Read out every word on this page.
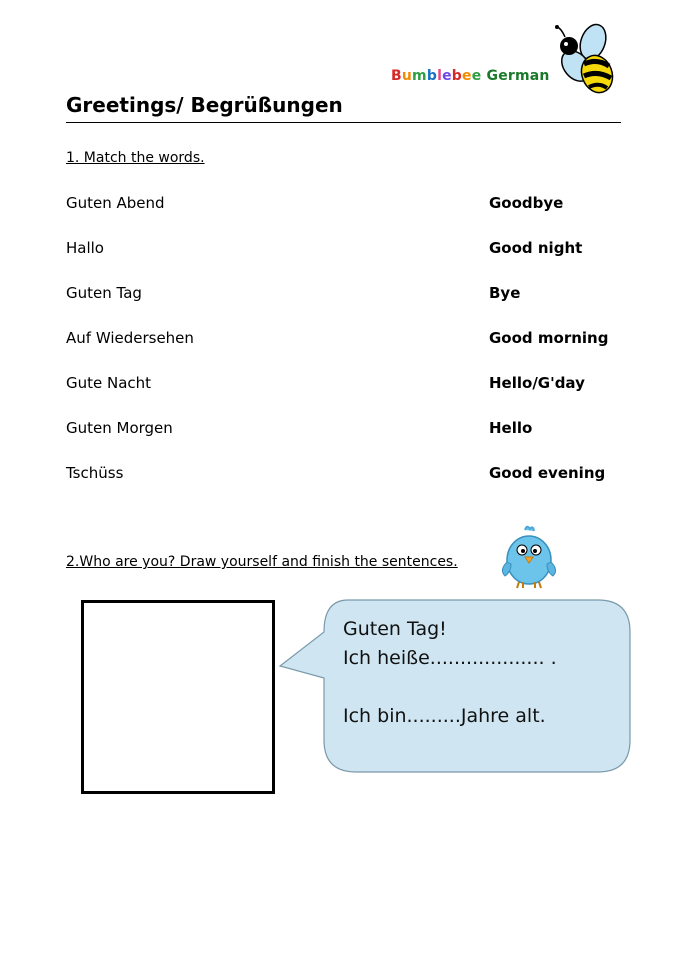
Bumblebee German
Greetings/ Begrüßungen
1. Match the words.
Guten Abend
Hallo
Guten Tag
Auf Wiedersehen
Gute Nacht
Guten Morgen
Tschüss
Goodbye
Good night
Bye
Good morning
Hello/G'day
Hello
Good evening
2.Who are you? Draw yourself and finish the sentences.
Guten Tag!
Ich heiße................... .
Ich bin.........Jahre alt.
